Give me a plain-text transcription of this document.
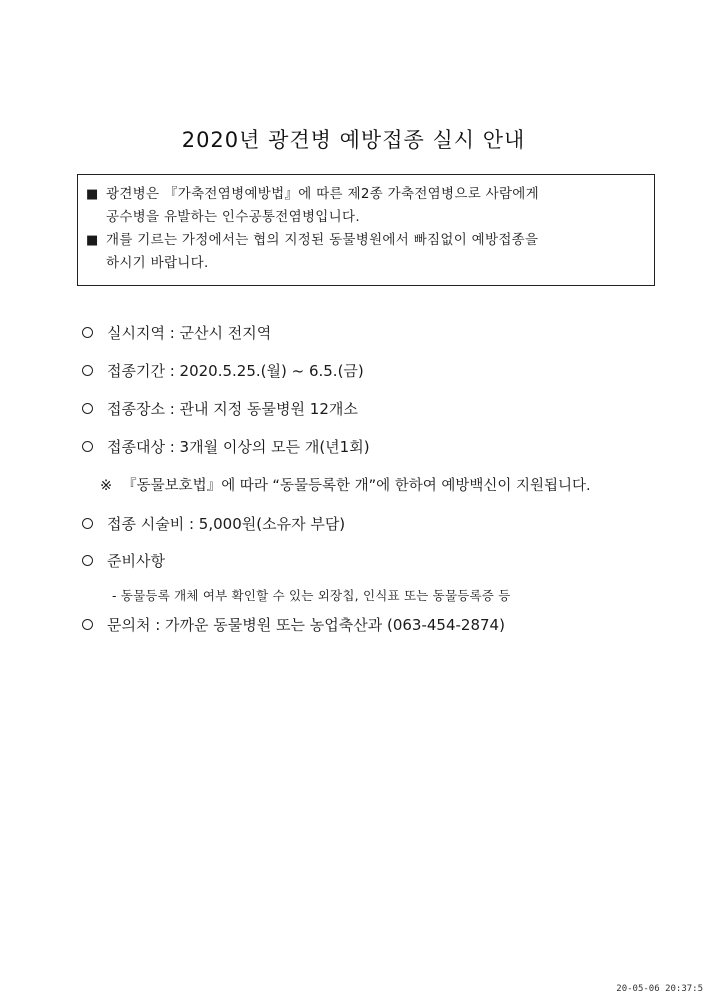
2020년 광견병 예방접종 실시 안내
■ 광견병은 『가축전염병예방법』에 따른 제2종 가축전염병으로 사람에게
공수병을 유발하는 인수공통전염병입니다.
■ 개를 기르는 가정에서는 협의 지정된 동물병원에서 빠짐없이 예방접종을
하시기 바랍니다.
실시지역 : 군산시 전지역
접종기간 : 2020.5.25.(월) ~ 6.5.(금)
접종장소 : 관내 지정 동물병원 12개소
접종대상 : 3개월 이상의 모든 개(년1회)
※ 『동물보호법』에 따라 “동물등록한 개”에 한하여 예방백신이 지원됩니다.
접종 시술비 : 5,000원(소유자 부담)
준비사항
- 동물등록 개체 여부 확인할 수 있는 외장칩, 인식표 또는 동물등록증 등
문의처 : 가까운 동물병원 또는 농업축산과 (063-454-2874)
20-05-06 20:37:5
